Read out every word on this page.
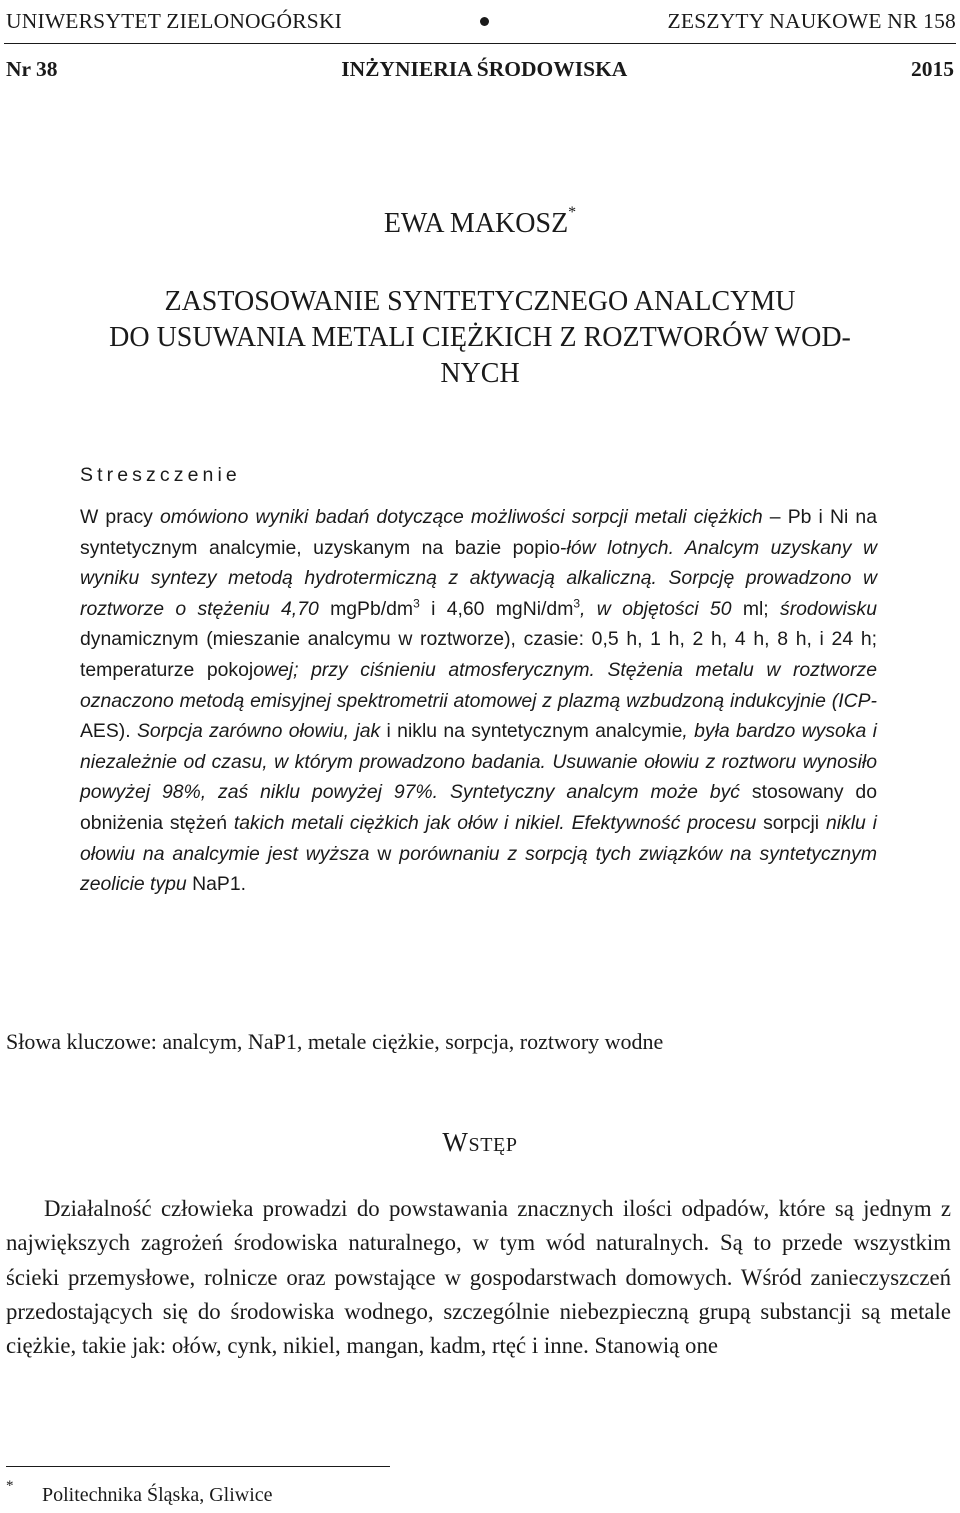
UNIWERSYTET ZIELONOGÓRSKI	ZESZYTY NAUKOWE NR 158
Nr 38	INŻYNIERIA ŚRODOWISKA	2015
EWA MAKOSZ*
ZASTOSOWANIE SYNTETYCZNEGO ANALCYMU
DO USUWANIA METALI CIĘŻKICH Z ROZTWORÓW WOD-
NYCH
Streszczenie

W pracy omówiono wyniki badań dotyczące możliwości sorpcji metali ciężkich – Pb i Ni na syntetycznym analcymie, uzyskanym na bazie popio-łów lotnych. Analcym uzyskany w wyniku syntezy metodą hydrotermiczną z aktywacją alkaliczną. Sorpcję prowadzono w roztworze o stężeniu 4,70 mgPb/$dm^3$ i 4,60 mgNi/$dm^3$, w objętości 50 ml; środowisku dynamicznym (mieszanie analcymu w roztworze), czasie: 0,5 h, 1 h, 2 h, 4 h, 8 h, i 24 h; temperaturze pokojowej; przy ciśnieniu atmosferycznym. Stężenia metalu w roztworze oznaczono metodą emisyjnej spektrometrii atomowej z plazmą wzbudzoną indukcyjnie (ICP- AES). Sorpcja zarówno ołowiu, jak i niklu na syntetycznym analcymie, była bardzo wysoka i niezależnie od czasu, w którym prowadzono badania. Usuwanie ołowiu z roztworu wynosiło powyżej 98%, zaś niklu powyżej 97%. Syntetyczny analcym może być stosowany do obniżenia stężeń takich metali ciężkich jak ołów i nikiel. Efektywność procesu sorpcji niklu i ołowiu na analcymie jest wyższa w porównaniu z sorpcją tych związków na syntetycznym zeolicie typu NaP1.

Słowa kluczowe: analcym, NaP1, metale ciężkie, sorpcja, roztwory wodne
WSTĘP

Działalność człowieka prowadzi do powstawania znacznych ilości odpadów, które są jednym z największych zagrożeń środowiska naturalnego, w tym wód naturalnych. Są to przede wszystkim ścieki przemysłowe, rolnicze oraz powstające w gospodarstwach domowych. Wśród zanieczyszczeń przedostających się do środowiska wodnego, szczególnie niebezpieczną grupą substancji są metale ciężkie, takie jak: ołów, cynk, nikiel, mangan, kadm, rtęć i inne. Stanowią one

* Politechnika Śląska, Gliwice
